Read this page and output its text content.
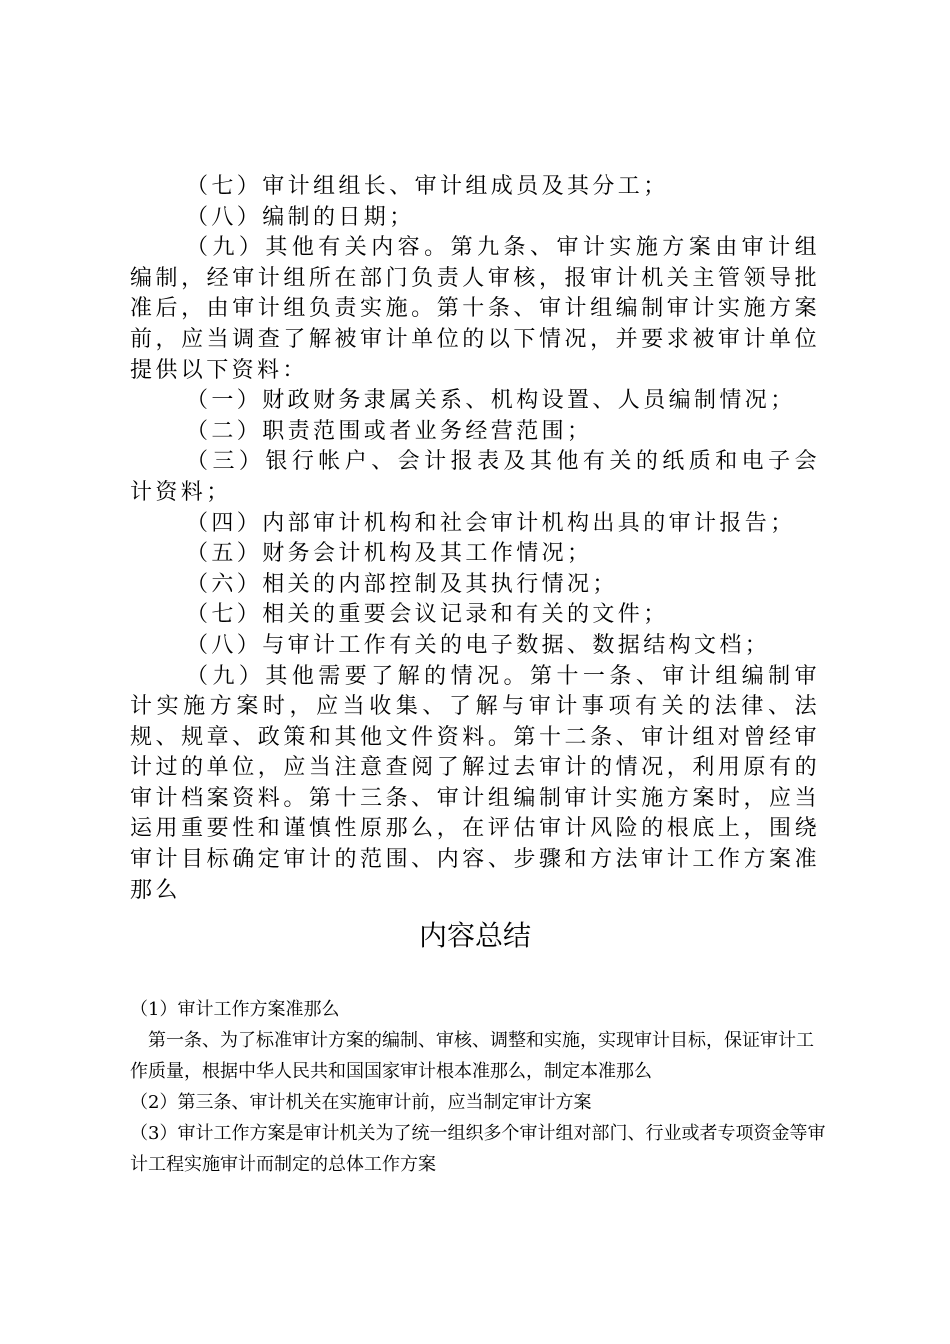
（七）审计组组长、审计组成员及其分工；

（八）编制的日期；

（九）其他有关内容。第九条、审计实施方案由审计组编制，经审计组所在部门负责人审核，报审计机关主管领导批准后，由审计组负责实施。第十条、审计组编制审计实施方案前，应当调查了解被审计单位的以下情况，并要求被审计单位提供以下资料：

（一）财政财务隶属关系、机构设置、人员编制情况；

（二）职责范围或者业务经营范围；

（三）银行帐户、会计报表及其他有关的纸质和电子会计资料；

（四）内部审计机构和社会审计机构出具的审计报告；

（五）财务会计机构及其工作情况；

（六）相关的内部控制及其执行情况；

（七）相关的重要会议记录和有关的文件；

（八）与审计工作有关的电子数据、数据结构文档；

（九）其他需要了解的情况。第十一条、审计组编制审计实施方案时，应当收集、了解与审计事项有关的法律、法规、规章、政策和其他文件资料。第十二条、审计组对曾经审计过的单位，应当注意查阅了解过去审计的情况，利用原有的审计档案资料。第十三条、审计组编制审计实施方案时，应当运用重要性和谨慎性原那么，在评估审计风险的根底上，围绕审计目标确定审计的范围、内容、步骤和方法审计工作方案准那么

内容总结

（1）审计工作方案准那么

第一条、为了标准审计方案的编制、审核、调整和实施，实现审计目标，保证审计工作质量，根据中华人民共和国国家审计根本准那么，制定本准那么

（2）第三条、审计机关在实施审计前，应当制定审计方案

（3）审计工作方案是审计机关为了统一组织多个审计组对部门、行业或者专项资金等审计工程实施审计而制定的总体工作方案
